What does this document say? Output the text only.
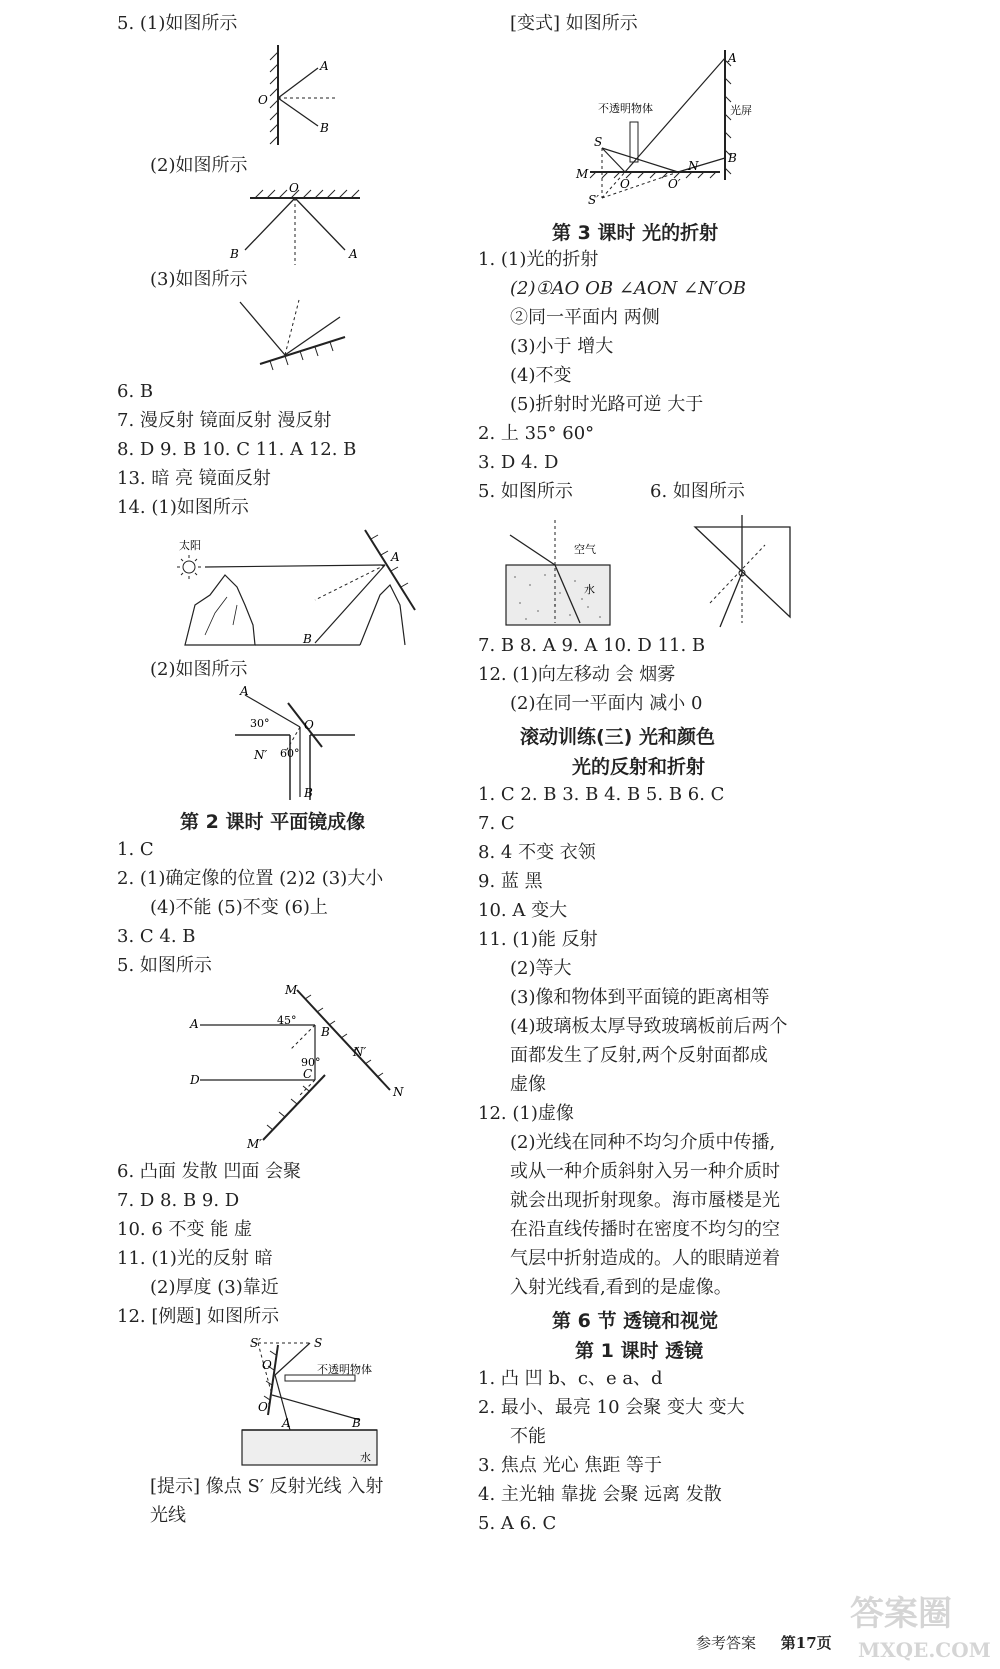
5. (1)如图所示
A
B
O
(2)如图所示
O
B	A
(3)如图所示
6. B
7. 漫反射 镜面反射 漫反射
8. D 9. B 10. C 11. A 12. B
13. 暗 亮 镜面反射
14. (1)如图所示
太阳
A
B
(2)如图所示
A
30°
60°
O
N′
B
第 2 课时 平面镜成像
1. C
2. (1)确定像的位置 (2)2 (3)大小
(4)不能 (5)不变 (6)上
3. C 4. B
5. 如图所示
A
D
45°
90°
M
M′
B
C
N′
N
6. 凸面 发散 凹面 会聚
7. D 8. B 9. D
10. 6 不变 能 虚
11. (1)光的反射 暗
(2)厚度 (3)靠近
12. [例题] 如图所示
S′	S
O
O′
不透明物体
A	B
水
[提示] 像点 S′ 反射光线 入射
光线
[变式] 如图所示
光屏
不透明物体
A
B
S
S′
M
O	O′
N
第 3 课时 光的折射
1. (1)光的折射
(2)①AO OB ∠AON ∠N′OB
②同一平面内 两侧
(3)小于 增大
(4)不变
(5)折射时光路可逆 大于
2. 上 35° 60°
3. D 4. D
5. 如图所示	6. 如图所示
空气
水
7. B 8. A 9. A 10. D 11. B
12. (1)向左移动 会 烟雾
(2)在同一平面内 减小 0
滚动训练(三) 光和颜色
光的反射和折射
1. C 2. B 3. B 4. B 5. B 6. C
7. C
8. 4 不变 衣领
9. 蓝 黑
10. A 变大
11. (1)能 反射
(2)等大
(3)像和物体到平面镜的距离相等
(4)玻璃板太厚导致玻璃板前后两个
面都发生了反射,两个反射面都成
虚像
12. (1)虚像
(2)光线在同种不均匀介质中传播,
或从一种介质斜射入另一种介质时
就会出现折射现象。海市蜃楼是光
在沿直线传播时在密度不均匀的空
气层中折射造成的。人的眼睛逆着
入射光线看,看到的是虚像。
第 6 节 透镜和视觉
第 1 课时 透镜
1. 凸 凹 b、c、e a、d
2. 最小、最亮 10 会聚 变大 变大
不能
3. 焦点 光心 焦距 等于
4. 主光轴 靠拢 会聚 远离 发散
5. A 6. C
参考答案 第17页
答案圈
MXQE.COM
